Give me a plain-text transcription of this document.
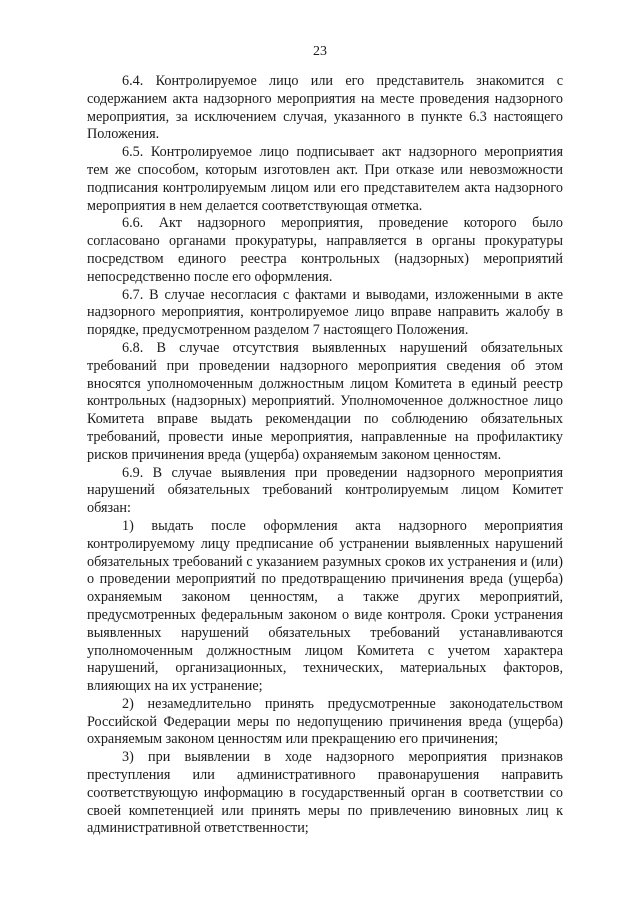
23

6.4. Контролируемое лицо или его представитель знакомится с содержанием акта надзорного мероприятия на месте проведения надзорного мероприятия, за исключением случая, указанного в пункте 6.3 настоящего Положения.

6.5. Контролируемое лицо подписывает акт надзорного мероприятия тем же способом, которым изготовлен акт. При отказе или невозможности подписания контролируемым лицом или его представителем акта надзорного мероприятия в нем делается соответствующая отметка.

6.6. Акт надзорного мероприятия, проведение которого было согласовано органами прокуратуры, направляется в органы прокуратуры посредством единого реестра контрольных (надзорных) мероприятий непосредственно после его оформления.

6.7. В случае несогласия с фактами и выводами, изложенными в акте надзорного мероприятия, контролируемое лицо вправе направить жалобу в порядке, предусмотренном разделом 7 настоящего Положения.

6.8. В случае отсутствия выявленных нарушений обязательных требований при проведении надзорного мероприятия сведения об этом вносятся уполномоченным должностным лицом Комитета в единый реестр контрольных (надзорных) мероприятий. Уполномоченное должностное лицо Комитета вправе выдать рекомендации по соблюдению обязательных требований, провести иные мероприятия, направленные на профилактику рисков причинения вреда (ущерба) охраняемым законом ценностям.

6.9. В случае выявления при проведении надзорного мероприятия нарушений обязательных требований контролируемым лицом Комитет обязан:

1) выдать после оформления акта надзорного мероприятия контролируемому лицу предписание об устранении выявленных нарушений обязательных требований с указанием разумных сроков их устранения и (или) о проведении мероприятий по предотвращению причинения вреда (ущерба) охраняемым законом ценностям, а также других мероприятий, предусмотренных федеральным законом о виде контроля. Сроки устранения выявленных нарушений обязательных требований устанавливаются уполномоченным должностным лицом Комитета с учетом характера нарушений, организационных, технических, материальных факторов, влияющих на их устранение;

2) незамедлительно принять предусмотренные законодательством Российской Федерации меры по недопущению причинения вреда (ущерба) охраняемым законом ценностям или прекращению его причинения;

3) при выявлении в ходе надзорного мероприятия признаков преступления или административного правонарушения направить соответствующую информацию в государственный орган в соответствии со своей компетенцией или принять меры по привлечению виновных лиц к административной ответственности;
